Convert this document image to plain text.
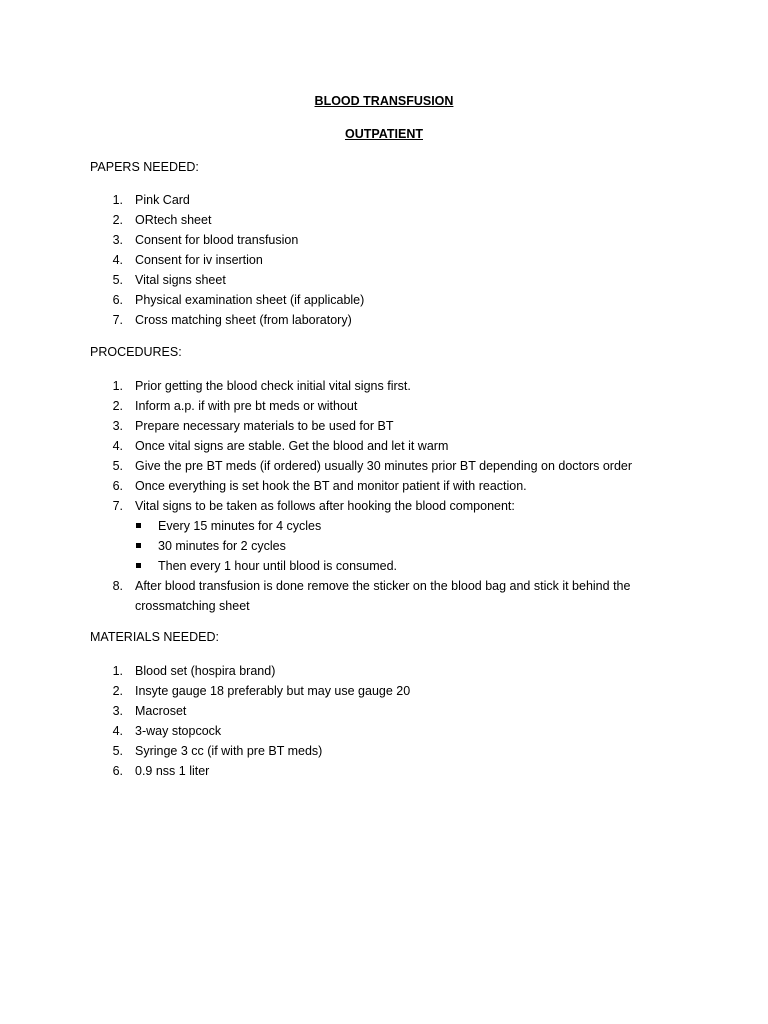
BLOOD TRANSFUSION
OUTPATIENT

PAPERS NEEDED:

1. Pink Card
2. ORtech sheet
3. Consent for blood transfusion
4. Consent for iv insertion
5. Vital signs sheet
6. Physical examination sheet (if applicable)
7. Cross matching sheet (from laboratory)

PROCEDURES:

1. Prior getting the blood check initial vital signs first.
2. Inform a.p. if with pre bt meds or without
3. Prepare necessary materials to be used for BT
4. Once vital signs are stable. Get the blood and let it warm
5. Give the pre BT meds (if ordered) usually 30 minutes prior BT depending on doctors order
6. Once everything is set hook the BT and monitor patient if with reaction.
7. Vital signs to be taken as follows after hooking the blood component:
Every 15 minutes for 4 cycles
30 minutes for 2 cycles
Then every 1 hour until blood is consumed.
8. After blood transfusion is done remove the sticker on the blood bag and stick it behind the crossmatching sheet

MATERIALS NEEDED:

1. Blood set (hospira brand)
2. Insyte gauge 18 preferably but may use gauge 20
3. Macroset
4. 3-way stopcock
5. Syringe 3 cc (if with pre BT meds)
6. 0.9 nss 1 liter
